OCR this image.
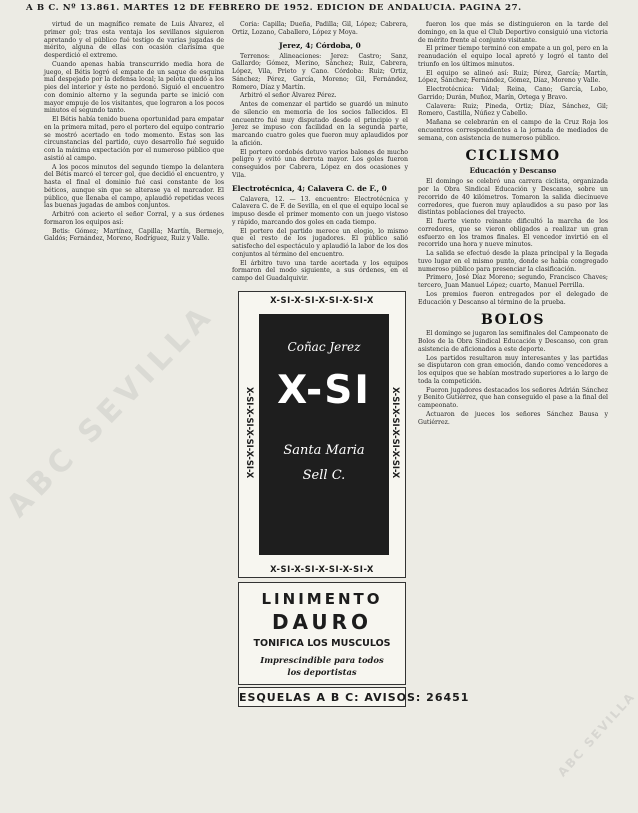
A B C. Nº 13.861. MARTES 12 DE FEBRERO DE 1952. EDICION DE ANDALUCIA. PAGINA 27.
virtud de un magnífico remate de Luis Álvarez, el primer gol; tras esta ventaja los sevillanos siguieron apretando y el público fué testigo de varias jugadas de mérito, alguna de ellas con ocasión clarísima que desperdició el extremo.
Cuando apenas había transcurrido media hora de juego, el Bétis logró el empate de un saque de esquina mal despejado por la defensa local; la pelota quedó a los pies del interior y éste no perdonó. Siguió el encuentro con dominio alterno y la segunda parte se inició con mayor empuje de los visitantes, que lograron a los pocos minutos el segundo tanto.
El Bétis había tenido buena oportunidad para empatar en la primera mitad, pero el portero del equipo contrario se mostró acertado en todo momento. Estas son las circunstancias del partido, cuyo desarrollo fué seguido con la máxima expectación por el numeroso público que asistió al campo.
A los pocos minutos del segundo tiempo la delantera del Bétis marcó el tercer gol, que decidió el encuentro, y hasta el final el dominio fué casi constante de los béticos, aunque sin que se alterase ya el marcador. El público, que llenaba el campo, aplaudió repetidas veces las buenas jugadas de ambos conjuntos.
Arbitró con acierto el señor Corral, y a sus órdenes formaron los equipos así:
Betis: Gómez; Martínez, Capilla; Martín, Bermejo, Galdós; Fernández, Moreno, Rodríguez, Ruiz y Valle.
Coria: Capilla; Dueña, Padilla; Gil, López; Cabrera, Ortiz, Lozano, Caballero, López y Moya.
Jerez, 4; Córdoba, 0
Terrenos: Alineaciones: Jerez: Castro; Sanz, Gallardo; Gómez, Merino, Sánchez; Ruiz, Cabrera, López, Vila, Prieto y Cano. Córdoba: Ruiz; Ortiz, Sánchez; Pérez, García, Moreno; Gil, Fernández, Romero, Díaz y Martín.
Arbitró el señor Álvarez Pérez.
Antes de comenzar el partido se guardó un minuto de silencio en memoria de los socios fallecidos. El encuentro fué muy disputado desde el principio y el Jerez se impuso con facilidad en la segunda parte, marcando cuatro goles que fueron muy aplaudidos por la afición.
El portero cordobés detuvo varios balones de mucho peligro y evitó una derrota mayor. Los goles fueron conseguidos por Cabrera, López en dos ocasiones y Vila.
Electrotécnica, 4; Calavera C. de F., 0
Calavera, 12. — 13. encuentro: Electrotécnica y Calavera C. de F. de Sevilla, en el que el equipo local se impuso desde el primer momento con un juego vistoso y rápido, marcando dos goles en cada tiempo.
El portero del partido merece un elogio, lo mismo que el resto de los jugadores. El público salió satisfecho del espectáculo y aplaudió la labor de los dos conjuntos al término del encuentro.
El árbitro tuvo una tarde acertada y los equipos formaron del modo siguiente, a sus órdenes, en el campo del Guadalquivir.
X-SI-X-SI-X-SI-X-SI-X
X-SI-X-SI-X-SI-X-SI-X	X-SI-X-SI-X-SI-X-SI-X
Coñac Jerez
X-SI
Santa Maria
Sell C.
X-SI-X-SI-X-SI-X-SI-X
LINIMENTO
DAURO
TONIFICA LOS MUSCULOS
Imprescindible para todos
los deportistas
ESQUELAS A B C: AVISOS: 26451
fueron los que más se distinguieron en la tarde del domingo, en la que el Club Deportivo consiguió una victoria de mérito frente al conjunto visitante.
El primer tiempo terminó con empate a un gol, pero en la reanudación el equipo local apretó y logró el tanto del triunfo en los últimos minutos.
El equipo se alineó así: Ruiz; Pérez, García; Martín, López, Sánchez; Fernández, Gómez, Díaz, Moreno y Valle.
Electrotécnica: Vidal; Reina, Cano; García, Lobo, Garrido; Durán, Muñoz, Marín, Ortega y Bravo.
Calavera: Ruiz; Pineda, Ortiz; Díaz, Sánchez, Gil; Romero, Castilla, Núñez y Cabello.
Mañana se celebrarán en el campo de la Cruz Roja los encuentros correspondientes a la jornada de mediados de semana, con asistencia de numeroso público.
CICLISMO
Educación y Descanso
El domingo se celebró una carrera ciclista, organizada por la Obra Sindical Educación y Descanso, sobre un recorrido de 40 kilómetros. Tomaron la salida diecinueve corredores, que fueron muy aplaudidos a su paso por las distintas poblaciones del trayecto.
El fuerte viento reinante dificultó la marcha de los corredores, que se vieron obligados a realizar un gran esfuerzo en los tramos finales. El vencedor invirtió en el recorrido una hora y nueve minutos.
La salida se efectuó desde la plaza principal y la llegada tuvo lugar en el mismo punto, donde se había congregado numeroso público para presenciar la clasificación.
Primero, José Díaz Moreno; segundo, Francisco Chaves; tercero, Juan Manuel López; cuarto, Manuel Perrilla.
Los premios fueron entregados por el delegado de Educación y Descanso al término de la prueba.
BOLOS
El domingo se jugaron las semifinales del Campeonato de Bolos de la Obra Sindical Educación y Descanso, con gran asistencia de aficionados a este deporte.
Los partidos resultaron muy interesantes y las partidas se disputaron con gran emoción, dando como vencedores a los equipos que se habían mostrado superiores a lo largo de toda la competición.
Fueron jugadores destacados los señores Adrián Sánchez y Benito Gutiérrez, que han conseguido el pase a la final del campeonato.
Actuaron de jueces los señores Sánchez Bausa y Gutiérrez.
ABC SEVILLA
ABC SEVILLA
